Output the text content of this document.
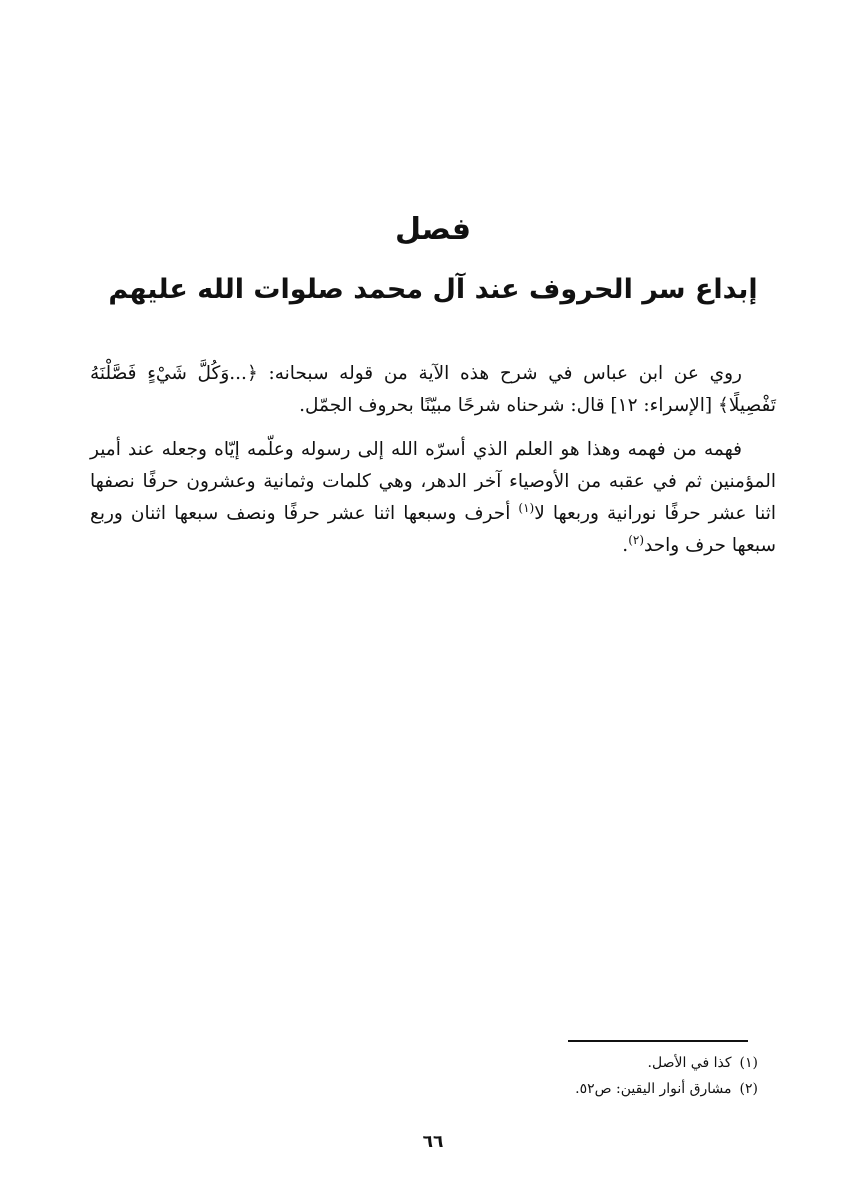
فصل
إبداع سر الحروف عند آل محمد صلوات الله عليهم

روي عن ابن عباس في شرح هذه الآية من قوله سبحانه: ﴿...وَكُلَّ شَيْءٍ فَصَّلْنَهُ تَفْصِيلًا﴾ [الإسراء: ١٢] قال: شرحناه شرحًا مبيّنًا بحروف الجمّل.

فهمه من فهمه وهذا هو العلم الذي أسرّه الله إلى رسوله وعلّمه إيّاه وجعله عند أمير المؤمنين ثم في عقبه من الأوصياء آخر الدهر، وهي كلمات وثمانية وعشرون حرفًا نصفها اثنا عشر حرفًا نورانية وربعها لا$^{(١)}$ أحرف وسبعها اثنا عشر حرفًا ونصف سبعها اثنان وربع سبعها حرف واحد$^{(٢)}$.

(١)كذا في الأصل.

(٢)مشارق أنوار اليقين: ص٥٢.

٦٦
